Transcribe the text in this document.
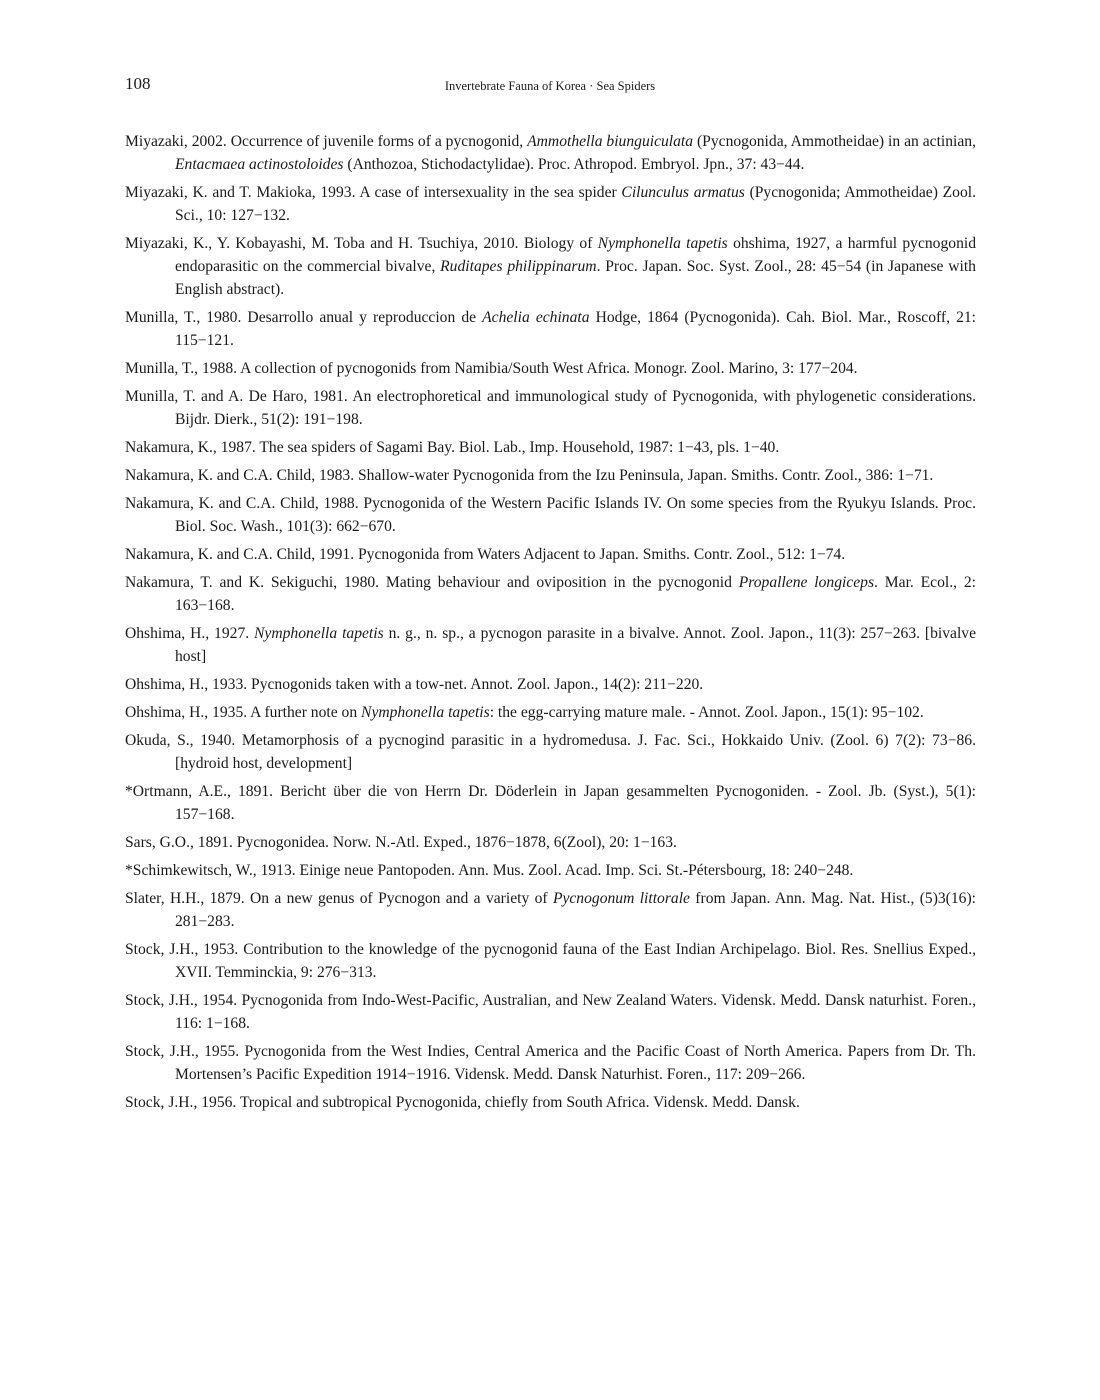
108	Invertebrate Fauna of Korea · Sea Spiders

Miyazaki, 2002. Occurrence of juvenile forms of a pycnogonid, Ammothella biunguiculata (Pycnogonida, Ammotheidae) in an actinian, Entacmaea actinostoloides (Anthozoa, Stichodactylidae). Proc. Athropod. Embryol. Jpn., 37: 43−44.

Miyazaki, K. and T. Makioka, 1993. A case of intersexuality in the sea spider Cilunculus armatus (Pycnogonida; Ammotheidae) Zool. Sci., 10: 127−132.

Miyazaki, K., Y. Kobayashi, M. Toba and H. Tsuchiya, 2010. Biology of Nymphonella tapetis ohshima, 1927, a harmful pycnogonid endoparasitic on the commercial bivalve, Ruditapes philippinarum. Proc. Japan. Soc. Syst. Zool., 28: 45−54 (in Japanese with English abstract).

Munilla, T., 1980. Desarrollo anual y reproduccion de Achelia echinata Hodge, 1864 (Pycnogonida). Cah. Biol. Mar., Roscoff, 21: 115−121.

Munilla, T., 1988. A collection of pycnogonids from Namibia/South West Africa. Monogr. Zool. Marino, 3: 177−204.

Munilla, T. and A. De Haro, 1981. An electrophoretical and immunological study of Pycnogonida, with phylogenetic considerations. Bijdr. Dierk., 51(2): 191−198.

Nakamura, K., 1987. The sea spiders of Sagami Bay. Biol. Lab., Imp. Household, 1987: 1−43, pls. 1−40.

Nakamura, K. and C.A. Child, 1983. Shallow-water Pycnogonida from the Izu Peninsula, Japan. Smiths. Contr. Zool., 386: 1−71.

Nakamura, K. and C.A. Child, 1988. Pycnogonida of the Western Pacific Islands IV. On some species from the Ryukyu Islands. Proc. Biol. Soc. Wash., 101(3): 662−670.

Nakamura, K. and C.A. Child, 1991. Pycnogonida from Waters Adjacent to Japan. Smiths. Contr. Zool., 512: 1−74.

Nakamura, T. and K. Sekiguchi, 1980. Mating behaviour and oviposition in the pycnogonid Propallene longiceps. Mar. Ecol., 2: 163−168.

Ohshima, H., 1927. Nymphonella tapetis n. g., n. sp., a pycnogon parasite in a bivalve. Annot. Zool. Japon., 11(3): 257−263. [bivalve host]

Ohshima, H., 1933. Pycnogonids taken with a tow-net. Annot. Zool. Japon., 14(2): 211−220.

Ohshima, H., 1935. A further note on Nymphonella tapetis: the egg-carrying mature male. - Annot. Zool. Japon., 15(1): 95−102.

Okuda, S., 1940. Metamorphosis of a pycnogind parasitic in a hydromedusa. J. Fac. Sci., Hokkaido Univ. (Zool. 6) 7(2): 73−86. [hydroid host, development]

*Ortmann, A.E., 1891. Bericht über die von Herrn Dr. Döderlein in Japan gesammelten Pycnogoniden. - Zool. Jb. (Syst.), 5(1): 157−168.

Sars, G.O., 1891. Pycnogonidea. Norw. N.-Atl. Exped., 1876−1878, 6(Zool), 20: 1−163.

*Schimkewitsch, W., 1913. Einige neue Pantopoden. Ann. Mus. Zool. Acad. Imp. Sci. St.-Pétersbourg, 18: 240−248.

Slater, H.H., 1879. On a new genus of Pycnogon and a variety of Pycnogonum littorale from Japan. Ann. Mag. Nat. Hist., (5)3(16): 281−283.

Stock, J.H., 1953. Contribution to the knowledge of the pycnogonid fauna of the East Indian Archipelago. Biol. Res. Snellius Exped., XVII. Temminckia, 9: 276−313.

Stock, J.H., 1954. Pycnogonida from Indo-West-Pacific, Australian, and New Zealand Waters. Vidensk. Medd. Dansk naturhist. Foren., 116: 1−168.

Stock, J.H., 1955. Pycnogonida from the West Indies, Central America and the Pacific Coast of North America. Papers from Dr. Th. Mortensen’s Pacific Expedition 1914−1916. Vidensk. Medd. Dansk Naturhist. Foren., 117: 209−266.

Stock, J.H., 1956. Tropical and subtropical Pycnogonida, chiefly from South Africa. Vidensk. Medd. Dansk.
